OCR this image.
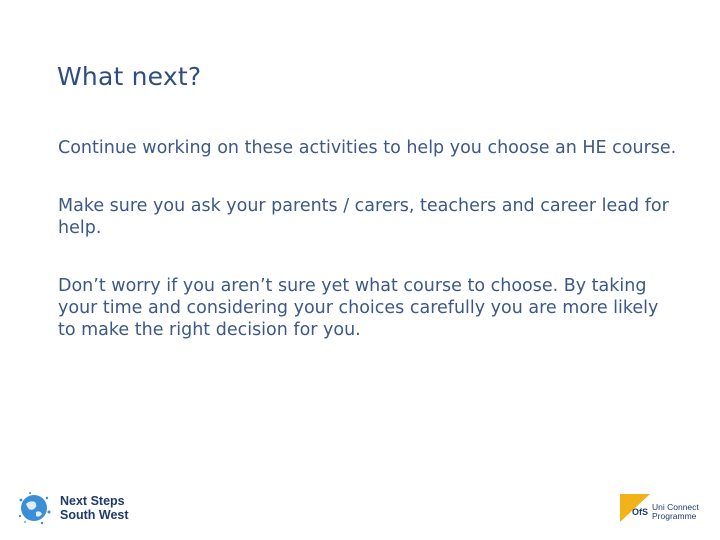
What next?

Continue working on these activities to help you choose an HE course.

Make sure you ask your parents / carers, teachers and career lead for help.

Don’t worry if you aren’t sure yet what course to choose. By taking your time and considering your choices carefully you are more likely to make the right decision for you.

Next Steps
South West	OfS Uni Connect
Programme
